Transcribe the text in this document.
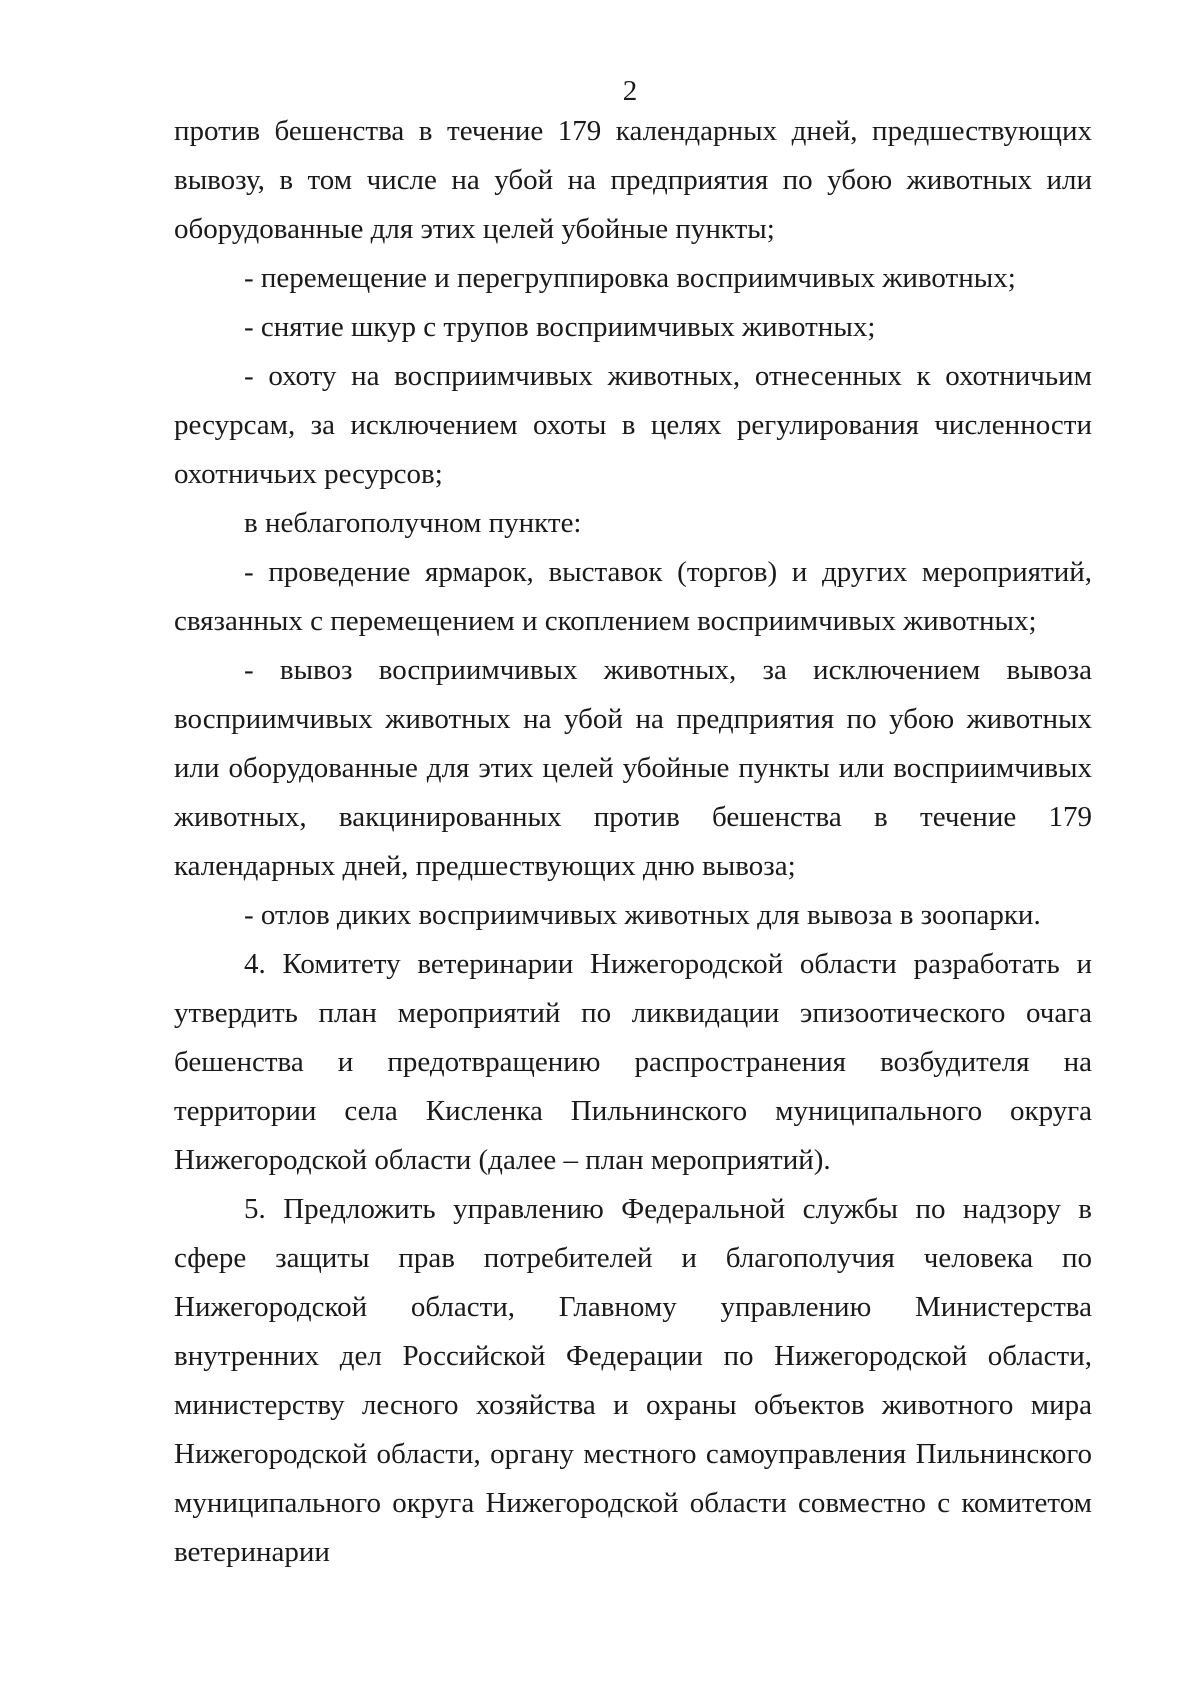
2

против бешенства в течение 179 календарных дней, предшествующих вывозу, в том числе на убой на предприятия по убою животных или оборудованные для этих целей убойные пункты;

- перемещение и перегруппировка восприимчивых животных;

- снятие шкур с трупов восприимчивых животных;

- охоту на восприимчивых животных, отнесенных к охотничьим ресурсам, за исключением охоты в целях регулирования численности охотничьих ресурсов;

в неблагополучном пункте:

- проведение ярмарок, выставок (торгов) и других мероприятий, связанных с перемещением и скоплением восприимчивых животных;

- вывоз восприимчивых животных, за исключением вывоза восприимчивых животных на убой на предприятия по убою животных или оборудованные для этих целей убойные пункты или восприимчивых животных, вакцинированных против бешенства в течение 179 календарных дней, предшествующих дню вывоза;

- отлов диких восприимчивых животных для вывоза в зоопарки.

4. Комитету ветеринарии Нижегородской области разработать и утвердить план мероприятий по ликвидации эпизоотического очага бешенства и предотвращению распространения возбудителя на территории села Кисленка Пильнинского муниципального округа Нижегородской области (далее – план мероприятий).

5. Предложить управлению Федеральной службы по надзору в сфере защиты прав потребителей и благополучия человека по Нижегородской области, Главному управлению Министерства внутренних дел Российской Федерации по Нижегородской области, министерству лесного хозяйства и охраны объектов животного мира Нижегородской области, органу местного самоуправления Пильнинского муниципального округа Нижегородской области совместно с комитетом ветеринарии
